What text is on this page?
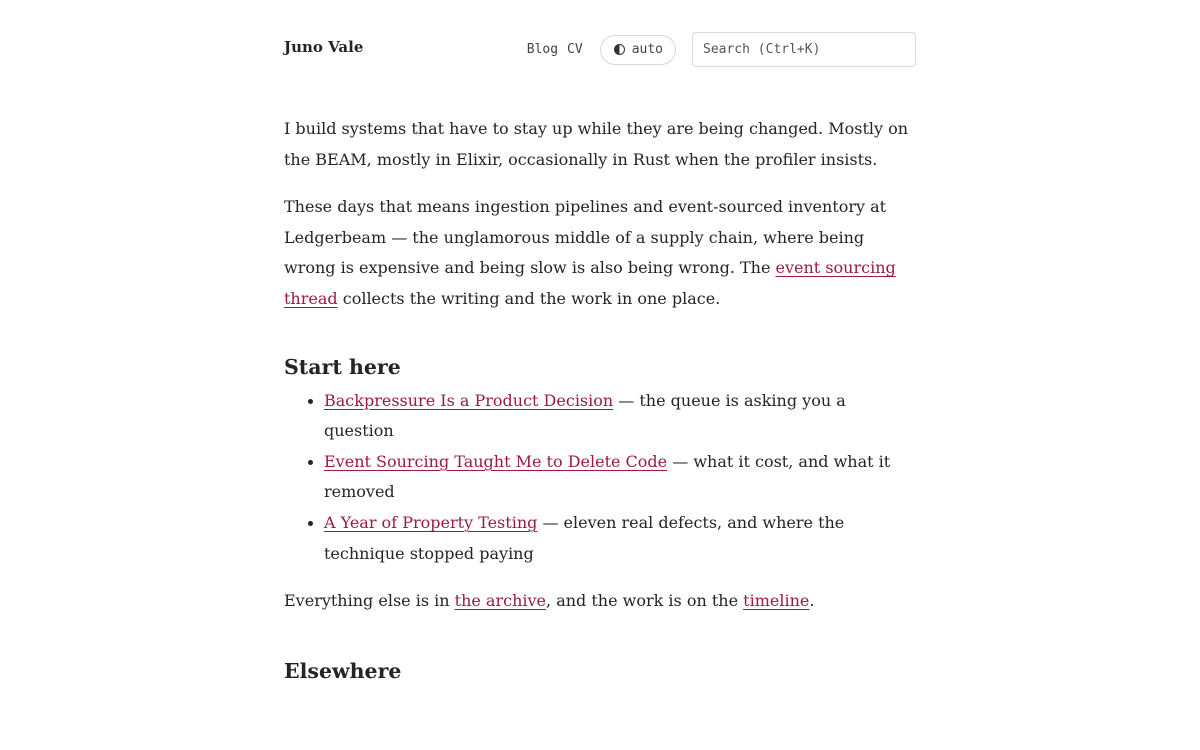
Juno Vale	Blog CV	auto
Search (Ctrl+K)

I build systems that have to stay up while they are being changed. Mostly on the BEAM, mostly in Elixir, occasionally in Rust when the profiler insists.

These days that means ingestion pipelines and event-sourced inventory at Ledgerbeam — the unglamorous middle of a supply chain, where being wrong is expensive and being slow is also being wrong. The event sourcing thread collects the writing and the work in one place.

Start here
• Backpressure Is a Product Decision — the queue is asking you a question
• Event Sourcing Taught Me to Delete Code — what it cost, and what it removed
• A Year of Property Testing — eleven real defects, and where the technique stopped paying

Everything else is in the archive, and the work is on the timeline.

Elsewhere
